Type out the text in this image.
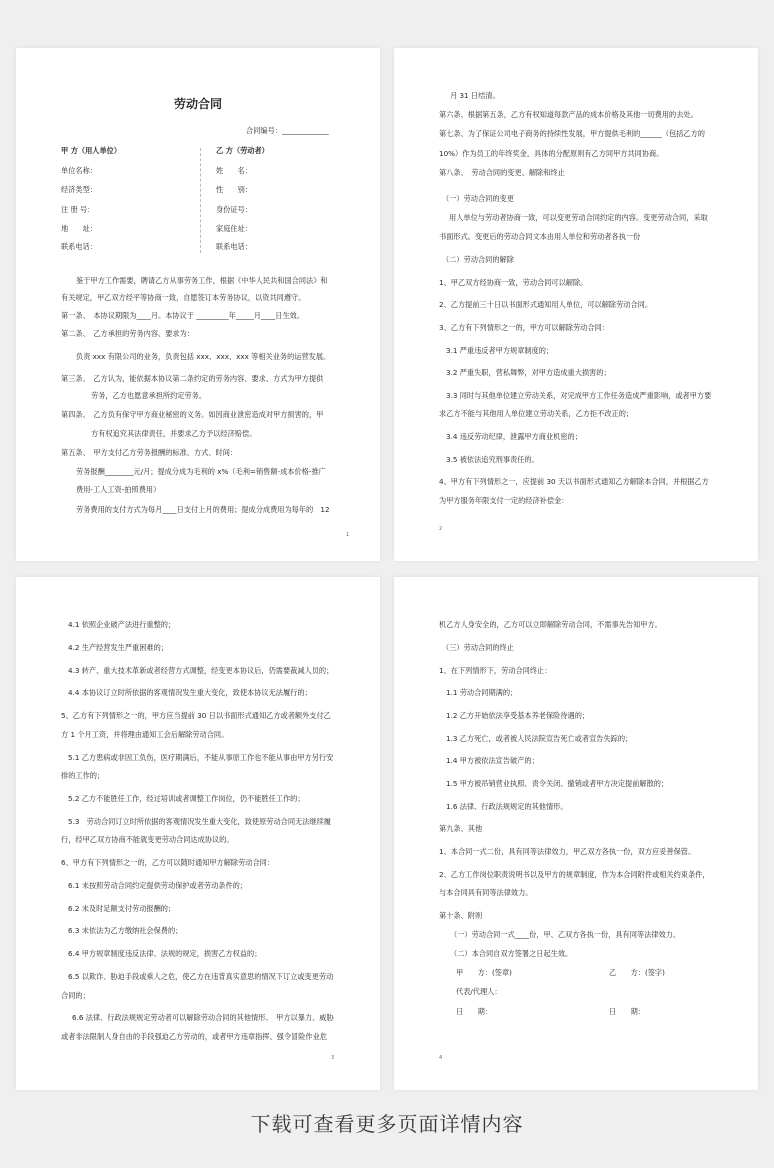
劳动合同
合同编号：_____________
甲 方（用人单位）	乙 方（劳动者）
单位名称：	姓　　名：
经济类型：	性　　别：
注 册 号：	身份证号：
地　　址：	家庭住址：
联系电话：	联系电话：
鉴于甲方工作需要，聘请乙方从事劳务工作，根据《中华人民共和国合同法》和
有关规定，甲乙双方经平等协商一致，自愿签订本劳务协议，以资共同遵守。
第一条、　本协议期限为____月。本协议于 _________年_____月____日生效。
第二条、　乙方承担的劳务内容、要求为：
负责 xxx 有限公司的业务，负责包括 xxx、xxx、xxx 等相关业务的运营发展。
第三条、　乙方认为，能依据本协议第二条约定的劳务内容、要求、方式为甲方提供
劳务，乙方也愿意承担所约定劳务。
第四条、　乙方负有保守甲方商业秘密的义务。如因商业泄密造成对甲方损害的，甲
方有权追究其法律责任，并要求乙方予以经济赔偿。
第五条、　甲方支付乙方劳务报酬的标准、方式、时间：
劳务报酬________元/月；提成分成为毛利的 x%（毛利=销售额-成本价格-推广
费用-工人工资-拍照费用）
劳务费用的支付方式为每月____日支付上月的费用；提成分成费用为每年的　12
1
月 31 日结清。
第六条、根据第五条，乙方有权知道每款产品的成本价格及其他一切费用的去处。
第七条、为了保证公司电子商务的持续性发展，甲方提供毛利的______（包括乙方的
10%）作为员工的年终奖金，具体的分配原则有乙方同甲方共同协商。
第八条、　劳动合同的变更、解除和终止
（一）劳动合同的变更
用人单位与劳动者协商一致，可以变更劳动合同约定的内容。变更劳动合同，采取
书面形式。变更后的劳动合同文本由用人单位和劳动者各执一份
（二）劳动合同的解除
1、甲乙双方经协商一致，劳动合同可以解除。
2、乙方提前三十日以书面形式通知用人单位，可以解除劳动合同。
3、乙方有下列情形之一的，甲方可以解除劳动合同：
3.1 严重违反者甲方规章制度的；
3.2 严重失职，营私舞弊，对甲方造成重大损害的；
3.3 同时与其他单位建立劳动关系，对完成甲方工作任务造成严重影响，或者甲方要
求乙方不能与其他用人单位建立劳动关系，乙方拒不改正的；
3.4 违反劳动纪律，泄露甲方商业机密的；
3.5 被依法追究刑事责任的。
4、甲方有下列情形之一，应提前 30 天以书面形式通知乙方解除本合同，并根据乙方
为甲方服务年限支付一定的经济补偿金：
2
4.1 依照企业破产法进行重整的；
4.2 生产经营发生严重困难的；
4.3 转产、重大技术革新或者经营方式调整，经变更本协议后，仍需要裁减人员的；
4.4 本协议订立时所依据的客观情况发生重大变化，致使本协议无法履行的；
5、乙方有下列情形之一的，甲方应当提前 30 日以书面形式通知乙方或者额外支付乙
方 1 个月工资，并将理由通知工会后解除劳动合同。
5.1 乙方患病或非因工负伤，医疗期满后，不能从事原工作也不能从事由甲方另行安
排的工作的；
5.2 乙方不能胜任工作，经过培训或者调整工作岗位，仍不能胜任工作的；
5.3　劳动合同订立时所依据的客观情况发生重大变化，致使原劳动合同无法继续履
行，经甲乙双方协商不能就变更劳动合同达成协议的。
6、甲方有下列情形之一的，乙方可以随时通知甲方解除劳动合同：
6.1 未按照劳动合同约定提供劳动保护或者劳动条件的；
6.2 未及时足额支付劳动报酬的；
6.3 未依法为乙方缴纳社会保费的；
6.4 甲方规章制度违反法律、法规的规定，损害乙方权益的；
6.5 以欺诈、胁迫手段或乘人之危，使乙方在违背真实意思的情况下订立或变更劳动
合同的；
6.6 法律、行政法规规定劳动者可以解除劳动合同的其他情形。　甲方以暴力、威胁
或者非法限制人身自由的手段强迫乙方劳动的，或者甲方违章指挥、强令冒险作业危
3
机乙方人身安全的，乙方可以立即解除劳动合同，不需事先告知甲方。
（三）劳动合同的终止
1、在下列情形下，劳动合同终止：
1.1 劳动合同期满的；
1.2 乙方开始依法享受基本养老保险待遇的；
1.3 乙方死亡，或者被人民法院宣告死亡或者宣告失踪的；
1.4 甲方被依法宣告破产的；
1.5 甲方被吊销营业执照、责令关闭、撤销或者甲方决定提前解散的；
1.6 法律、行政法规规定的其他情形。
第九条、其他
1、本合同一式二份，具有同等法律效力，甲乙双方各执一份，双方应妥善保管。
2、乙方工作岗位职责说明书以及甲方的规章制度，作为本合同附件或相关约束条件，
与本合同具有同等法律效力。
第十条、附则
（一）劳动合同一式____份，甲、乙双方各执一份，具有同等法律效力。
（二）本合同自双方签署之日起生效。
甲　　方：(签章)	乙　　方：(签字)
代表/代理人：
日　　期：	日　　期：
4
下载可查看更多页面详情内容
